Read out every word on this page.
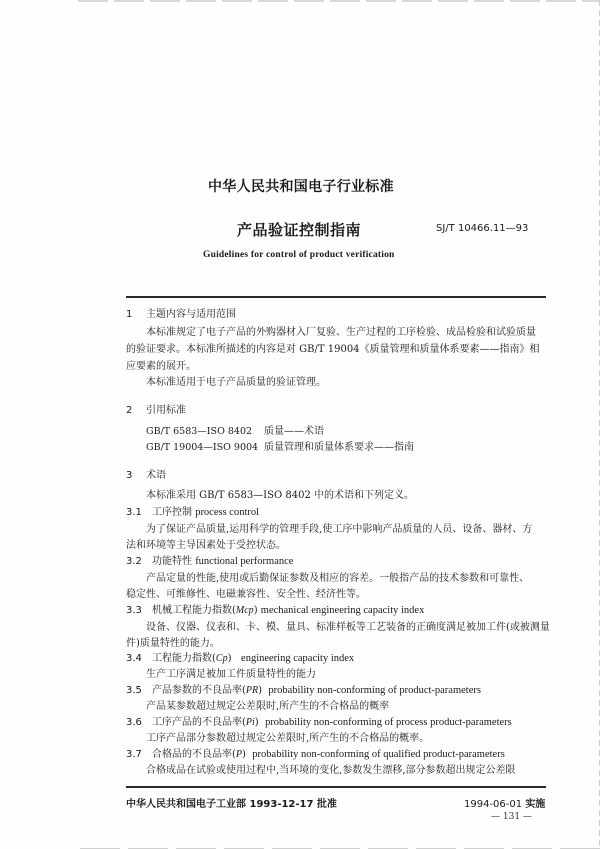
中华人民共和国电子行业标准
产品验证控制指南	SJ/T 10466.11—93
Guidelines for control of product verification
1 主题内容与适用范围
本标准规定了电子产品的外购器材入厂复验、生产过程的工序检验、成品检验和试验质量
的验证要求。本标准所描述的内容是对 GB/T 19004《质量管理和质量体系要素——指南》相
应要素的展开。
本标准适用于电子产品质量的验证管理。
2 引用标准
GB/T 6583—ISO 8402 质量——术语
GB/T 19004—ISO 9004 质量管理和质量体系要求——指南
3 术语
本标准采用 GB/T 6583—ISO 8402 中的术语和下列定义。
3.1 工序控制 process control
为了保证产品质量,运用科学的管理手段,使工序中影响产品质量的人员、设备、器材、方
法和环境等主导因素处于受控状态。
3.2 功能特性 functional performance
产品定量的性能,使用或后勤保证参数及相应的容差。一般指产品的技术参数和可靠性、
稳定性、可维修性、电磁兼容性、安全性、经济性等。
3.3 机械工程能力指数(Mcp) mechanical engineering capacity index
设备、仪器、仪表和、卡、模、量具、标准样板等工艺装备的正确度满足被加工件(或被测量
件)质量特性的能力。
3.4 工程能力指数(Cp) engineering capacity index
生产工序满足被加工件质量特性的能力
3.5 产品参数的不良品率(PR) probability non-conforming of product-parameters
产品某参数超过规定公差限时,所产生的不合格品的概率
3.6 工序产品的不良品率(Pi) probability non-conforming of process product-parameters
工序产品部分参数超过规定公差限时,所产生的不合格品的概率。
3.7 合格品的不良品率(P) probability non-conforming of qualified product-parameters
合格成品在试验或使用过程中,当环境的变化,参数发生漂移,部分参数超出规定公差限
中华人民共和国电子工业部 1993-12-17 批准	1994-06-01 实施
— 131 —
